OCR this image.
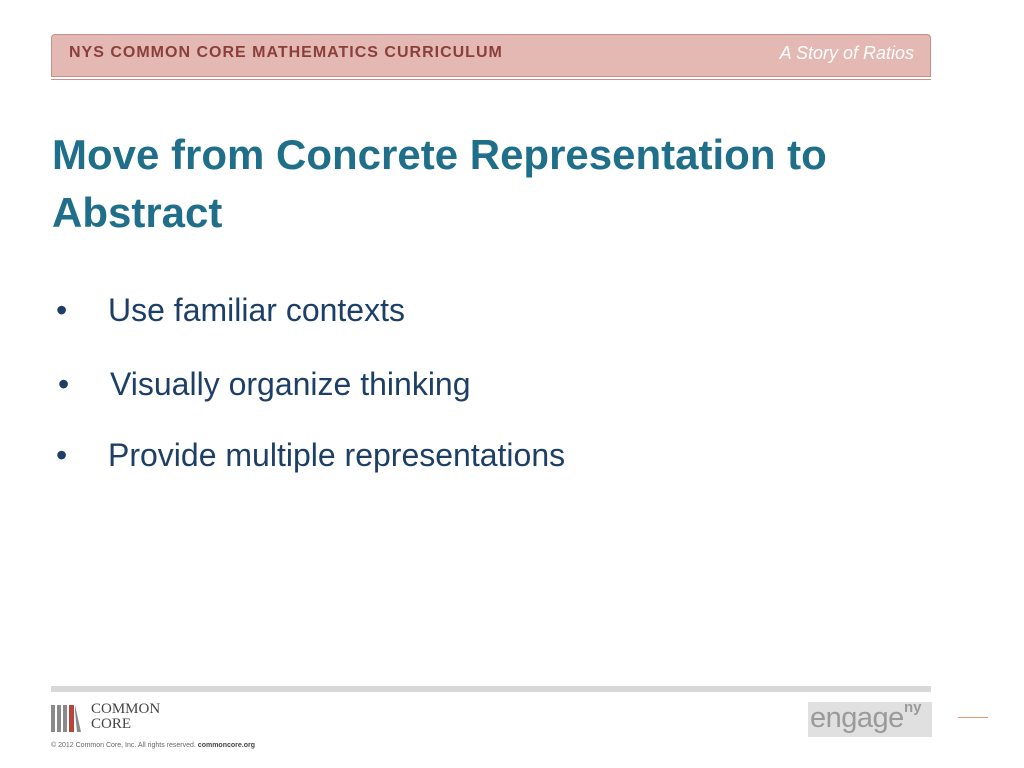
NYS COMMON CORE MATHEMATICS CURRICULUM	A Story of Ratios
Move from Concrete Representation to Abstract
• Use familiar contexts
• Visually organize thinking
• Provide multiple representations
COMMON
CORE
© 2012 Common Core, Inc. All rights reserved. commoncore.org
engage ny
